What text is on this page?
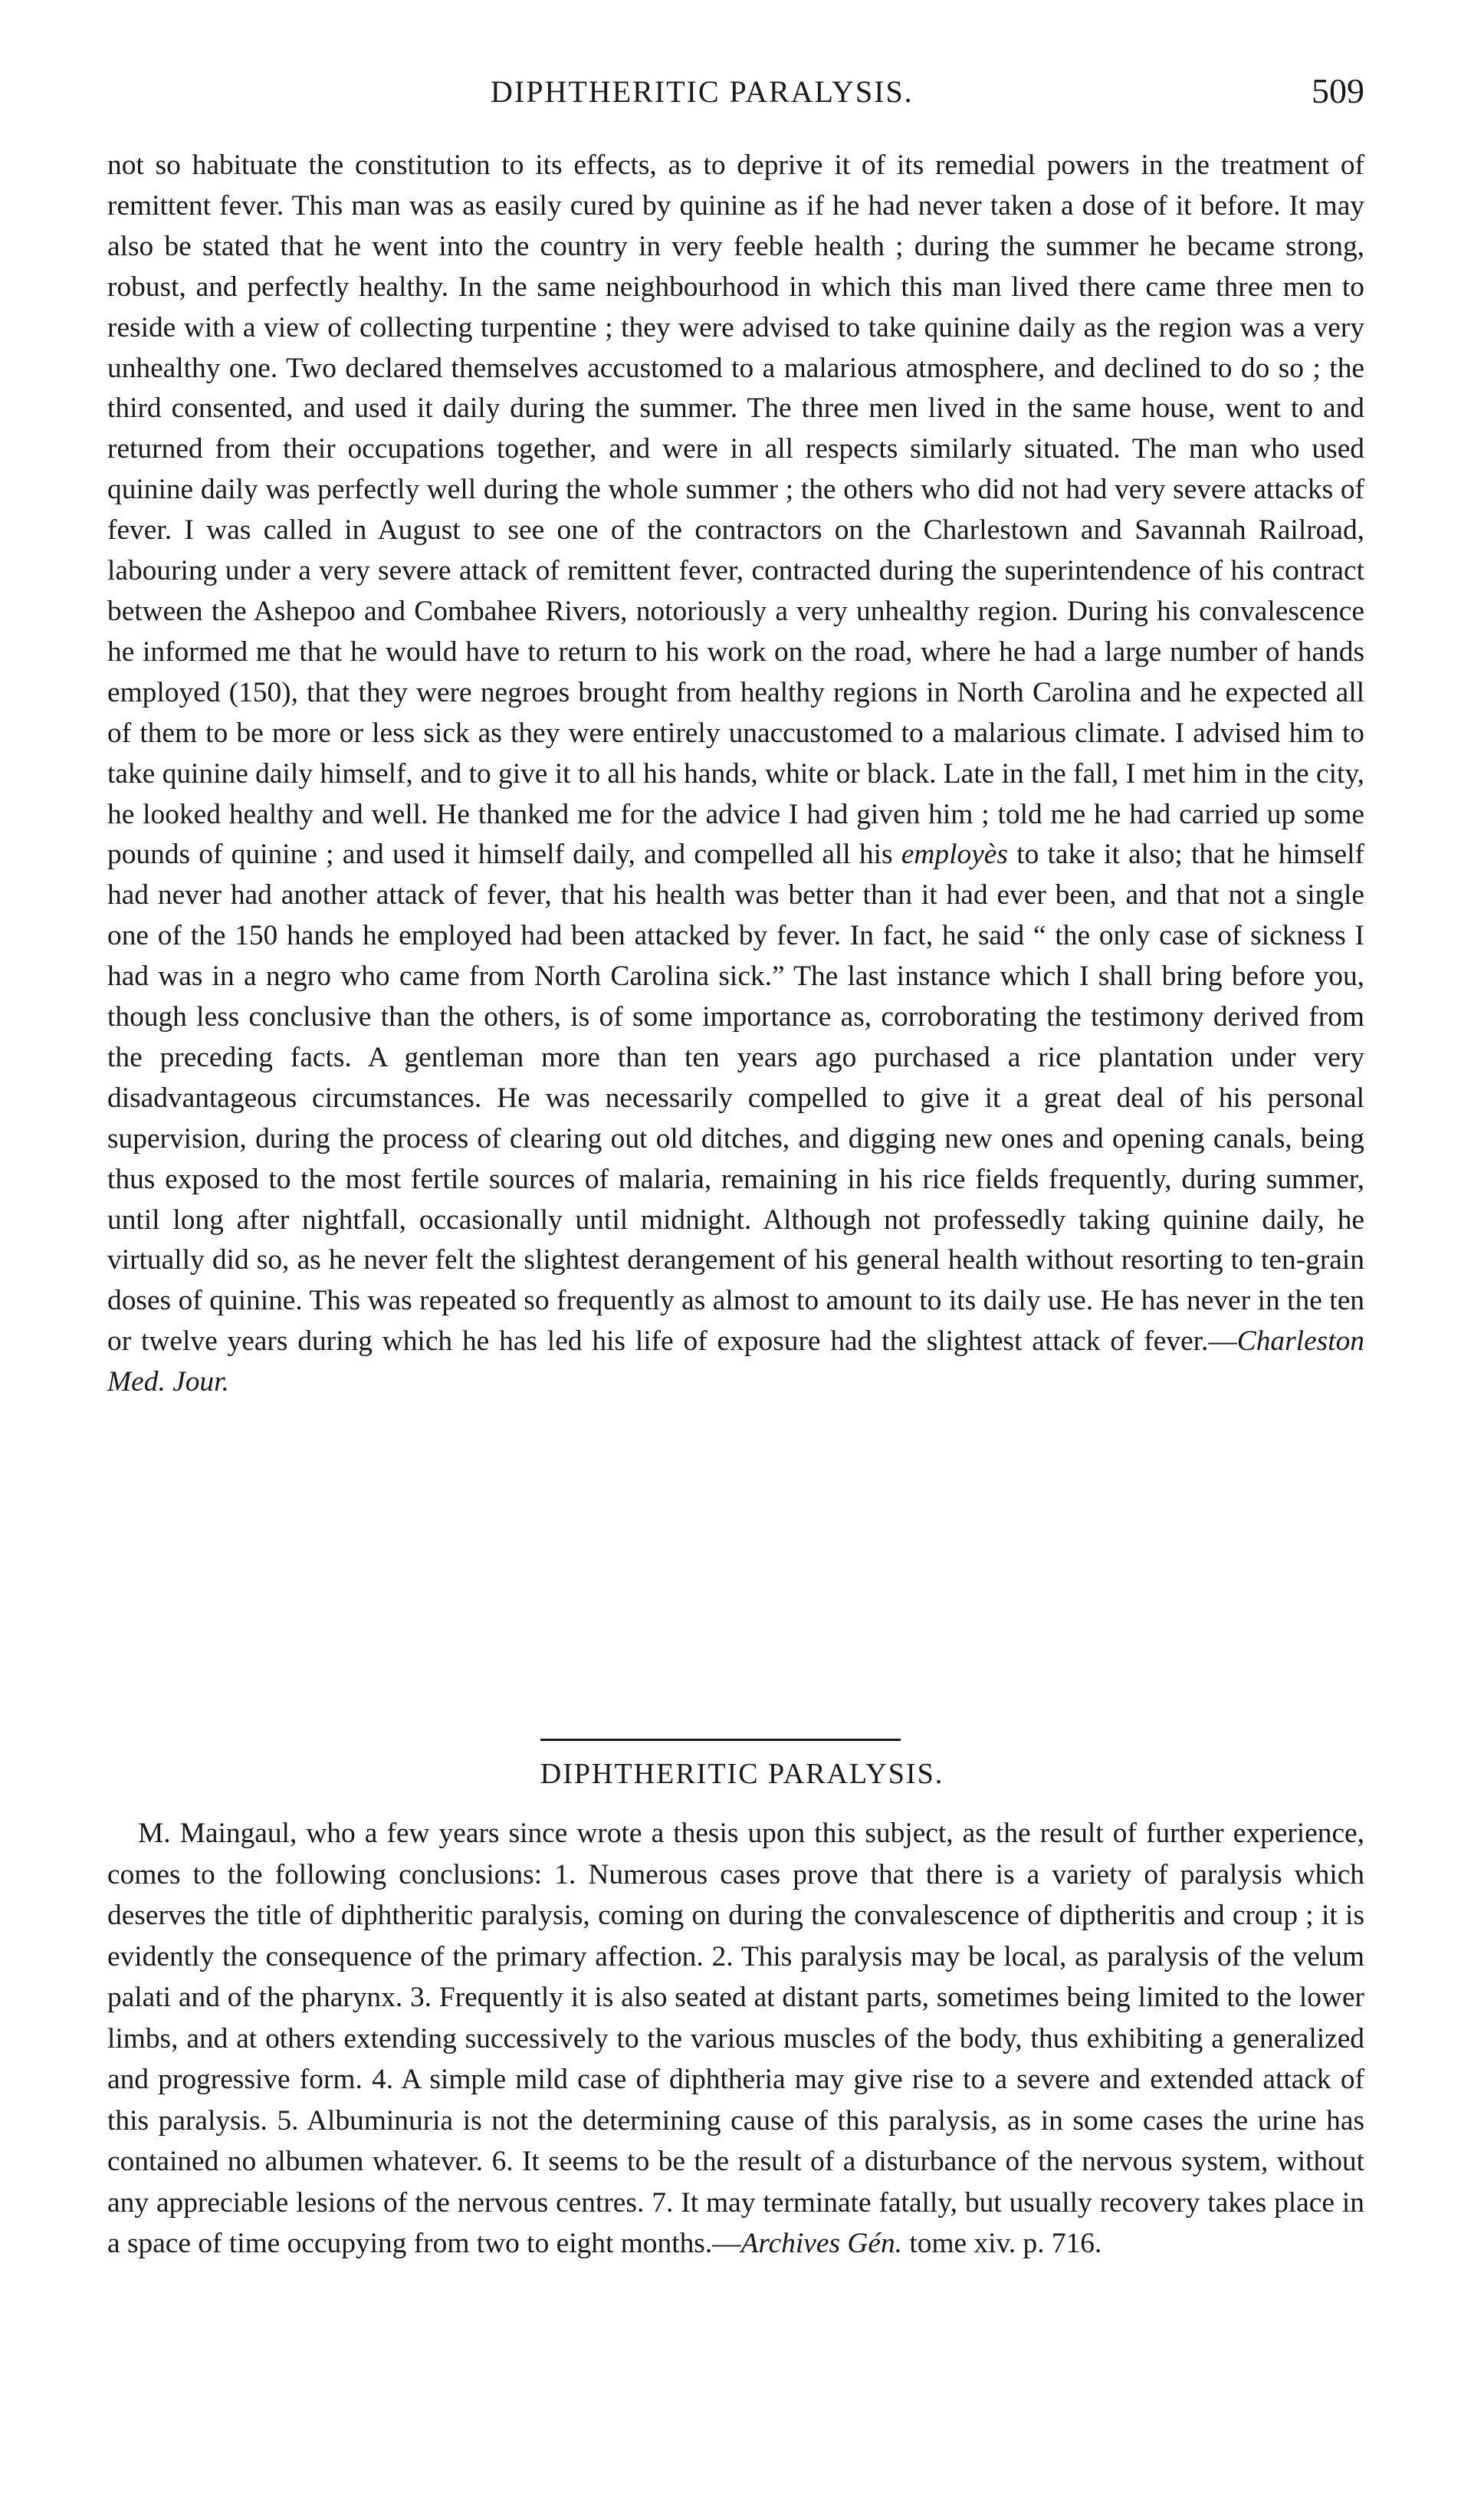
DIPHTHERITIC PARALYSIS.	509

not so habituate the constitution to its effects, as to deprive it of its remedial powers in the treatment of remittent fever. This man was as easily cured by quinine as if he had never taken a dose of it before. It may also be stated that he went into the country in very feeble health ; during the summer he became strong, robust, and perfectly healthy. In the same neighbourhood in which this man lived there came three men to reside with a view of collecting turpentine ; they were advised to take quinine daily as the region was a very unhealthy one. Two declared themselves accustomed to a malarious atmosphere, and declined to do so ; the third consented, and used it daily during the summer. The three men lived in the same house, went to and returned from their occupations together, and were in all respects similarly situated. The man who used quinine daily was perfectly well during the whole summer ; the others who did not had very severe attacks of fever. I was called in August to see one of the contractors on the Charlestown and Savannah Railroad, labouring under a very severe attack of remittent fever, contracted during the superintendence of his contract between the Ashepoo and Combahee Rivers, notoriously a very unhealthy region. During his convalescence he informed me that he would have to return to his work on the road, where he had a large number of hands employed (150), that they were negroes brought from healthy regions in North Carolina and he expected all of them to be more or less sick as they were entirely unaccustomed to a malarious climate. I advised him to take quinine daily himself, and to give it to all his hands, white or black. Late in the fall, I met him in the city, he looked healthy and well. He thanked me for the advice I had given him ; told me he had carried up some pounds of quinine ; and used it himself daily, and compelled all his employès to take it also; that he himself had never had another attack of fever, that his health was better than it had ever been, and that not a single one of the 150 hands he employed had been attacked by fever. In fact, he said “ the only case of sickness I had was in a negro who came from North Carolina sick.” The last instance which I shall bring before you, though less conclusive than the others, is of some importance as, corroborating the testimony derived from the preceding facts. A gentleman more than ten years ago purchased a rice plantation under very disadvantageous circumstances. He was necessarily compelled to give it a great deal of his personal supervision, during the process of clearing out old ditches, and digging new ones and opening canals, being thus exposed to the most fertile sources of malaria, remaining in his rice fields frequently, during summer, until long after nightfall, occasionally until midnight. Although not professedly taking quinine daily, he virtually did so, as he never felt the slightest derangement of his general health without resorting to ten-grain doses of quinine. This was repeated so frequently as almost to amount to its daily use. He has never in the ten or twelve years during which he has led his life of exposure had the slightest attack of fever.—Charleston Med. Jour.

DIPHTHERITIC PARALYSIS.

M. Maingaul, who a few years since wrote a thesis upon this subject, as the result of further experience, comes to the following conclusions: 1. Numerous cases prove that there is a variety of paralysis which deserves the title of diphtheritic paralysis, coming on during the convalescence of diptheritis and croup ; it is evidently the consequence of the primary affection. 2. This paralysis may be local, as paralysis of the velum palati and of the pharynx. 3. Frequently it is also seated at distant parts, sometimes being limited to the lower limbs, and at others extending successively to the various muscles of the body, thus exhibiting a generalized and progressive form. 4. A simple mild case of diphtheria may give rise to a severe and extended attack of this paralysis. 5. Albuminuria is not the determining cause of this paralysis, as in some cases the urine has contained no albumen whatever. 6. It seems to be the result of a disturbance of the nervous system, without any appreciable lesions of the nervous centres. 7. It may terminate fatally, but usually recovery takes place in a space of time occupying from two to eight months.—Archives Gén. tome xiv. p. 716.
